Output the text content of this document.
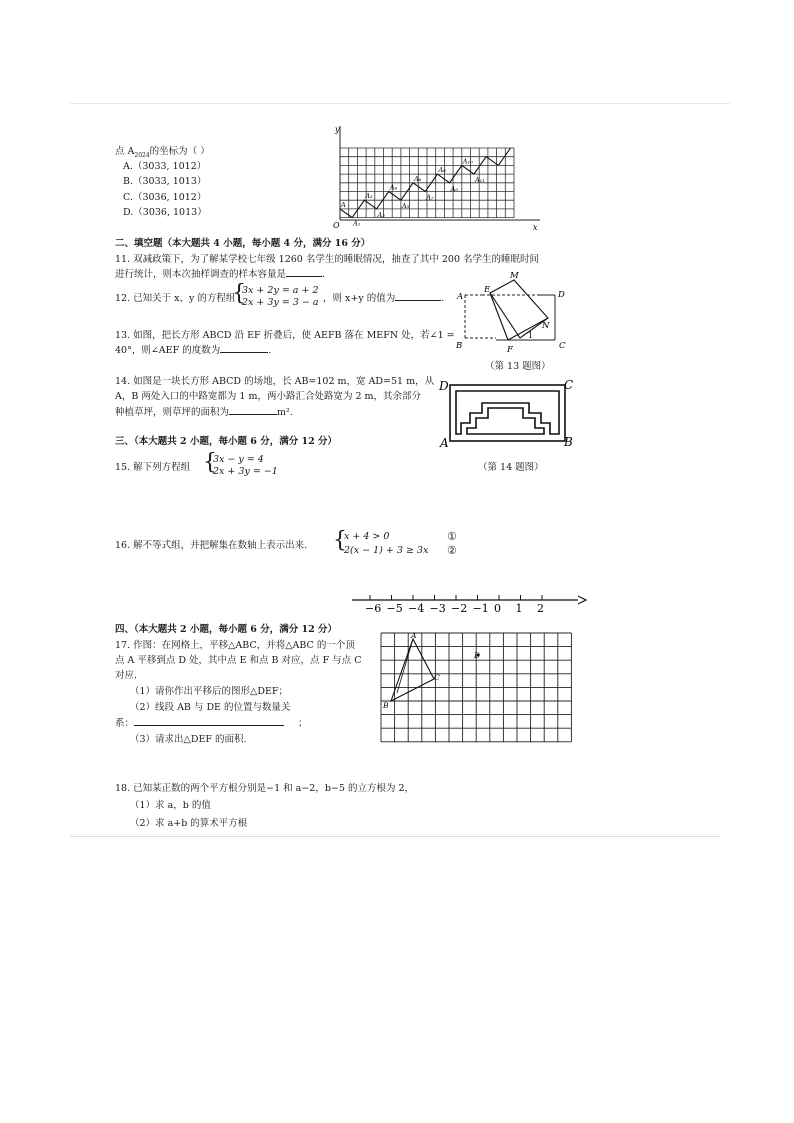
点 $A_{2024}$的坐标为（ ）
A.（3033, 1012）
B.（3033, 1013）
C.（3036, 1012）
D.（3036, 1013）
y
x
O
A
A₁
A₂
A₃
A₄
A₅
A₆
A₇
A₈
A₉
A₁₀
A₁₁
二、填空题（本大题共 4 小题，每小题 4 分，满分 16 分）
11. 双减政策下，为了解某学校七年级 1260 名学生的睡眠情况，抽查了其中 200 名学生的睡眠时间
进行统计，则本次抽样调查的样本容量是	.
12. 已知关于 x、y 的方程组
{
3x + 2y = a + 2
2x + 3y = 3 − a ，则 x+y 的值为	. A
B	C
D
E
F
M
N
1
（第 13 题图）
13. 如图，把长方形 ABCD 沿 EF 折叠后，使 AEFB 落在 MEFN 处，若∠1 =
40°，则∠AEF 的度数为	.
14. 如图是一块长方形 ABCD 的场地，长 AB=102 m，宽 AD=51 m，从
A，B 两处入口的中路宽都为 1 m，两小路汇合处路宽为 2 m，其余部分
种植草坪，则草坪的面积为	m².
D	C
A	B
（第 14 题图）
三、（本大题共 2 小题，每小题 6 分，满分 12 分）
15. 解下列方程组 {
3x − y = 4
2x + 3y = −1
16. 解不等式组，并把解集在数轴上表示出来. {
x + 4 > 0
2(x − 1) + 3 ≥ 3x
①
②
−6 −5 −4 −3 −2 −1 0 1 2
四、（本大题共 2 小题，每小题 6 分，满分 12 分）
17. 作图：在网格上，平移△ABC，并将△ABC 的一个顶
点 A 平移到点 D 处，其中点 E 和点 B 对应，点 F 与点 C
对应.
（1）请你作出平移后的图形△DEF；
（2）线段 AB 与 DE 的位置与数量关
系：	；
（3）请求出△DEF 的面积.
A
B
C
D
18. 已知某正数的两个平方根分别是−1 和 a−2，b−5 的立方根为 2，
（1）求 a，b 的值
（2）求 a+b 的算术平方根
